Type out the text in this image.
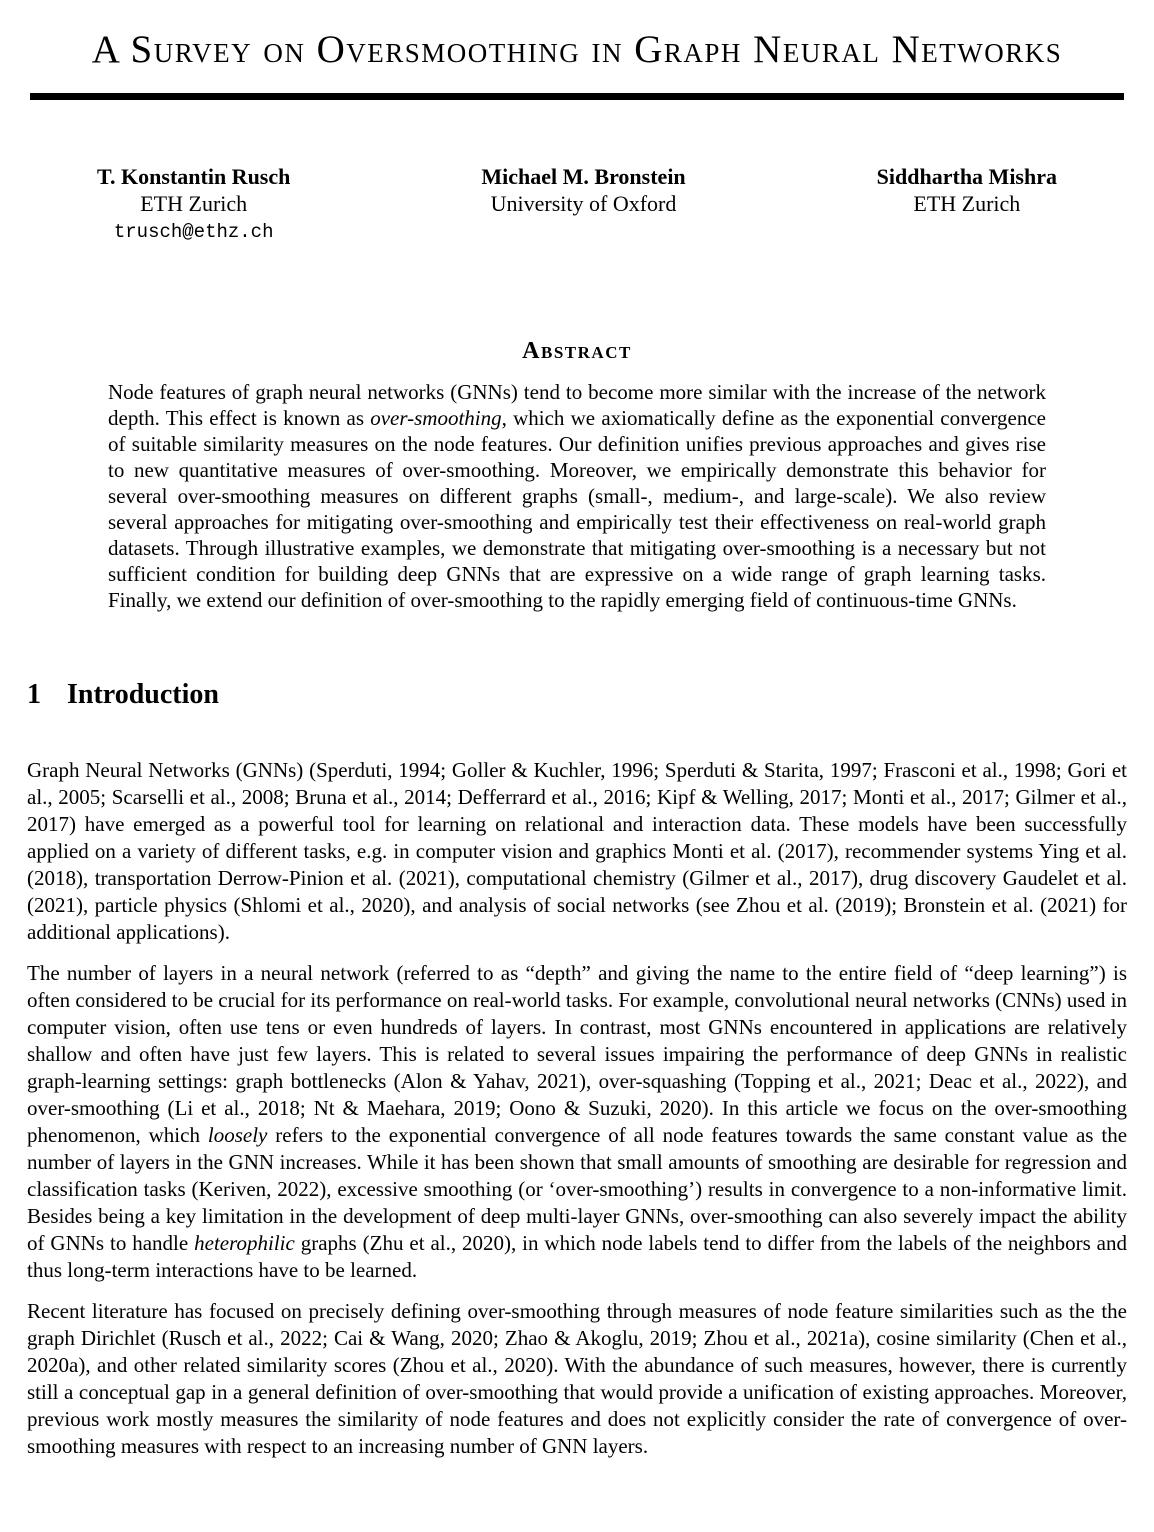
A Survey on Oversmoothing in Graph Neural Networks
T. Konstantin Rusch
ETH Zurich
trusch@ethz.ch
Michael M. Bronstein
University of Oxford
Siddhartha Mishra
ETH Zurich
Abstract

Node features of graph neural networks (GNNs) tend to become more similar with the increase of the network depth. This effect is known as over-smoothing, which we axiomatically define as the exponential convergence of suitable similarity measures on the node features. Our definition unifies previous approaches and gives rise to new quantitative measures of over-smoothing. Moreover, we empirically demonstrate this behavior for several over-smoothing measures on different graphs (small-, medium-, and large-scale). We also review several approaches for mitigating over-smoothing and empirically test their effectiveness on real-world graph datasets. Through illustrative examples, we demonstrate that mitigating over-smoothing is a necessary but not sufficient condition for building deep GNNs that are expressive on a wide range of graph learning tasks. Finally, we extend our definition of over-smoothing to the rapidly emerging field of continuous-time GNNs.

1 Introduction

Graph Neural Networks (GNNs) (Sperduti, 1994; Goller & Kuchler, 1996; Sperduti & Starita, 1997; Frasconi et al., 1998; Gori et al., 2005; Scarselli et al., 2008; Bruna et al., 2014; Defferrard et al., 2016; Kipf & Welling, 2017; Monti et al., 2017; Gilmer et al., 2017) have emerged as a powerful tool for learning on relational and interaction data. These models have been successfully applied on a variety of different tasks, e.g. in computer vision and graphics Monti et al. (2017), recommender systems Ying et al. (2018), transportation Derrow-Pinion et al. (2021), computational chemistry (Gilmer et al., 2017), drug discovery Gaudelet et al. (2021), particle physics (Shlomi et al., 2020), and analysis of social networks (see Zhou et al. (2019); Bronstein et al. (2021) for additional applications).

The number of layers in a neural network (referred to as “depth” and giving the name to the entire field of “deep learning”) is often considered to be crucial for its performance on real-world tasks. For example, convolutional neural networks (CNNs) used in computer vision, often use tens or even hundreds of layers. In contrast, most GNNs encountered in applications are relatively shallow and often have just few layers. This is related to several issues impairing the performance of deep GNNs in realistic graph-learning settings: graph bottlenecks (Alon & Yahav, 2021), over-squashing (Topping et al., 2021; Deac et al., 2022), and over-smoothing (Li et al., 2018; Nt & Maehara, 2019; Oono & Suzuki, 2020). In this article we focus on the over-smoothing phenomenon, which loosely refers to the exponential convergence of all node features towards the same constant value as the number of layers in the GNN increases. While it has been shown that small amounts of smoothing are desirable for regression and classification tasks (Keriven, 2022), excessive smoothing (or ‘over-smoothing’) results in convergence to a non-informative limit. Besides being a key limitation in the development of deep multi-layer GNNs, over-smoothing can also severely impact the ability of GNNs to handle heterophilic graphs (Zhu et al., 2020), in which node labels tend to differ from the labels of the neighbors and thus long-term interactions have to be learned.

Recent literature has focused on precisely defining over-smoothing through measures of node feature similarities such as the the graph Dirichlet (Rusch et al., 2022; Cai & Wang, 2020; Zhao & Akoglu, 2019; Zhou et al., 2021a), cosine similarity (Chen et al., 2020a), and other related similarity scores (Zhou et al., 2020). With the abundance of such measures, however, there is currently still a conceptual gap in a general definition of over-smoothing that would provide a unification of existing approaches. Moreover, previous work mostly measures the similarity of node features and does not explicitly consider the rate of convergence of over-smoothing measures with respect to an increasing number of GNN layers.
